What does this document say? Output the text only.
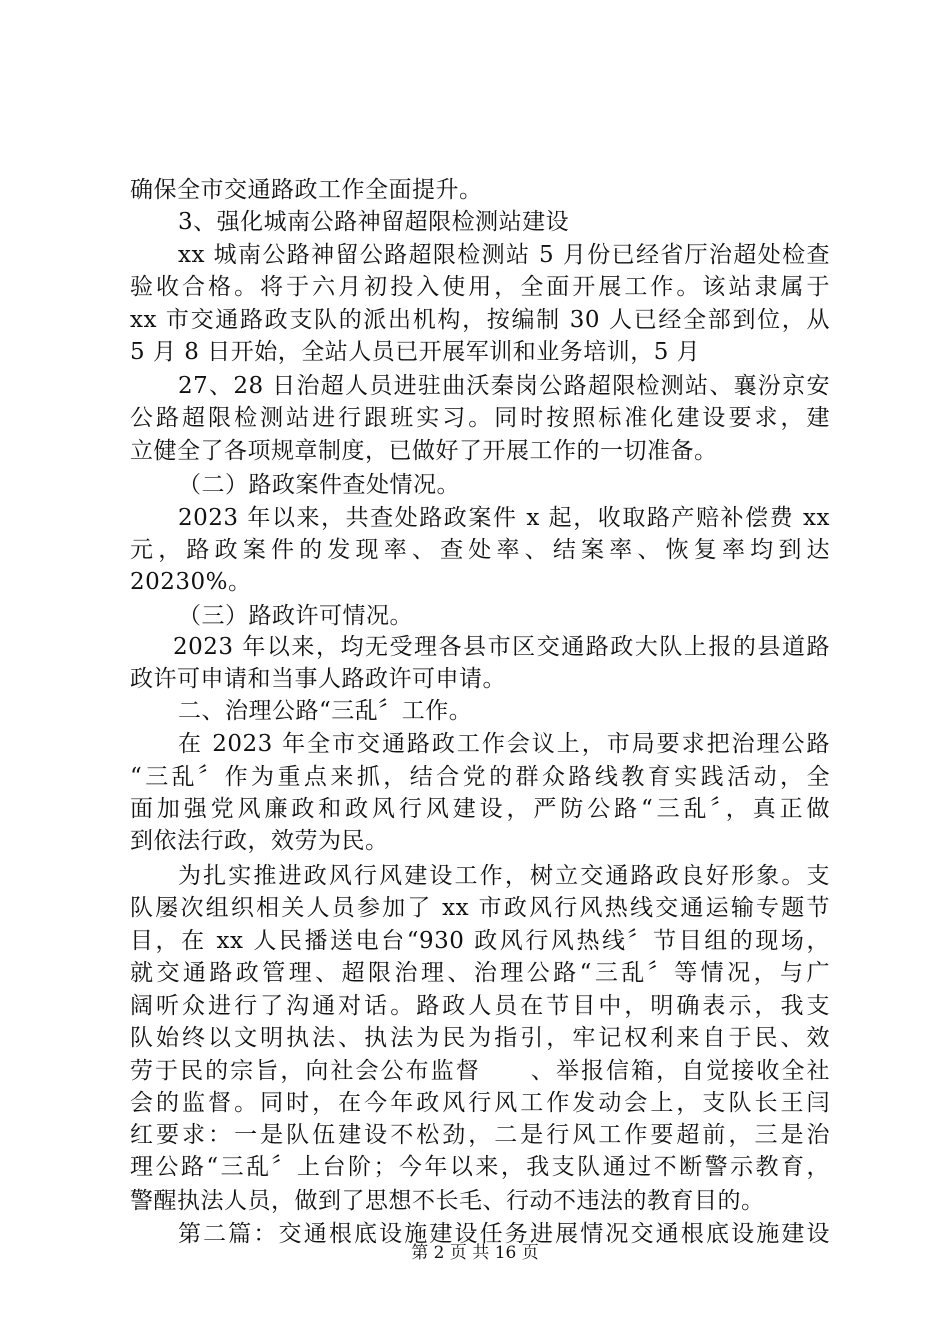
确保全市交通路政工作全面提升。
3、强化城南公路神留超限检测站建设
xx 城南公路神留公路超限检测站 5 月份已经省厅治超处检查
验收合格。将于六月初投入使用，全面开展工作。该站隶属于
xx 市交通路政支队的派出机构，按编制 30 人已经全部到位，从
5 月 8 日开始，全站人员已开展军训和业务培训，5 月
27、28 日治超人员进驻曲沃秦岗公路超限检测站、襄汾京安
公路超限检测站进行跟班实习。同时按照标准化建设要求，建
立健全了各项规章制度，已做好了开展工作的一切准备。
（二）路政案件查处情况。
2023 年以来，共查处路政案件 x 起，收取路产赔补偿费 xx
元，路政案件的发现率、查处率、结案率、恢复率均到达
20230%。
（三）路政许可情况。
2023 年以来，均无受理各县市区交通路政大队上报的县道路
政许可申请和当事人路政许可申请。
二、治理公路“三乱〞工作。
在 2023 年全市交通路政工作会议上，市局要求把治理公路
“三乱〞作为重点来抓，结合党的群众路线教育实践活动，全
面加强党风廉政和政风行风建设，严防公路“三乱〞，真正做
到依法行政，效劳为民。
为扎实推进政风行风建设工作，树立交通路政良好形象。支
队屡次组织相关人员参加了 xx 市政风行风热线交通运输专题节
目，在 xx 人民播送电台“930 政风行风热线〞节目组的现场，
就交通路政管理、超限治理、治理公路“三乱〞等情况，与广
阔听众进行了沟通对话。路政人员在节目中，明确表示，我支
队始终以文明执法、执法为民为指引，牢记权利来自于民、效
劳于民的宗旨，向社会公布监督　　、举报信箱，自觉接收全社
会的监督。同时，在今年政风行风工作发动会上，支队长王闫
红要求：一是队伍建设不松劲，二是行风工作要超前，三是治
理公路“三乱〞上台阶；今年以来，我支队通过不断警示教育，
警醒执法人员，做到了思想不长毛、行动不违法的教育目的。
第二篇：交通根底设施建设任务进展情况交通根底设施建设
第 2 页 共 16 页
